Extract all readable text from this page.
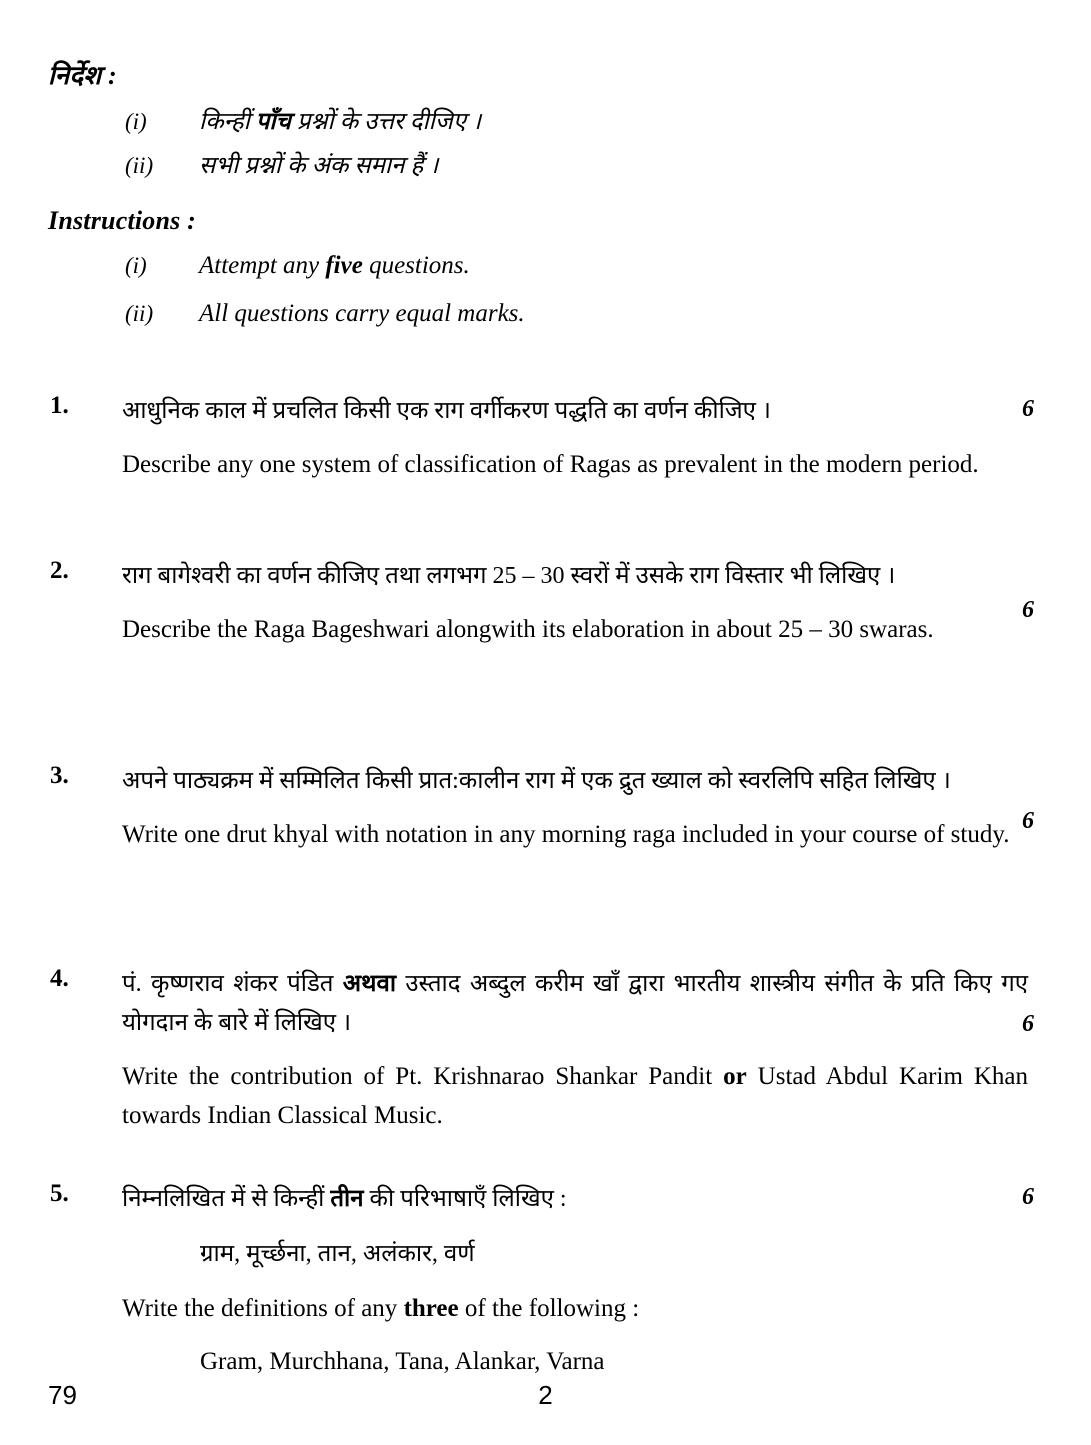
निर्देश :
(i)	किन्हीं पाँच प्रश्नों के उत्तर दीजिए ।
(ii)	सभी प्रश्नों के अंक समान हैं ।
Instructions :
(i)	Attempt any five questions.
(ii)	All questions carry equal marks.
1.	आधुनिक काल में प्रचलित किसी एक राग वर्गीकरण पद्धति का वर्णन कीजिए ।
Describe any one system of classification of Ragas as prevalent in the modern period.
6
2.	राग बागेश्वरी का वर्णन कीजिए तथा लगभग 25 – 30 स्वरों में उसके राग विस्तार भी लिखिए ।
Describe the Raga Bageshwari alongwith its elaboration in about 25 – 30 swaras.
6
3.	अपने पाठ्यक्रम में सम्मिलित किसी प्रात:कालीन राग में एक द्रुत ख्याल को स्वरलिपि सहित लिखिए ।
Write one drut khyal with notation in any morning raga included in your course of study. 6
4.	पं. कृष्णराव शंकर पंडित अथवा उस्ताद अब्दुल करीम खाँ द्वारा भारतीय शास्त्रीय संगीत के प्रति किए गए योगदान के बारे में लिखिए ।
Write the contribution of Pt. Krishnarao Shankar Pandit or Ustad Abdul Karim Khan towards Indian Classical Music.
6
5.	निम्नलिखित में से किन्हीं तीन की परिभाषाएँ लिखिए :
ग्राम, मूर्च्छना, तान, अलंकार, वर्ण
Write the definitions of any three of the following :
Gram, Murchhana, Tana, Alankar, Varna
6
79	2
